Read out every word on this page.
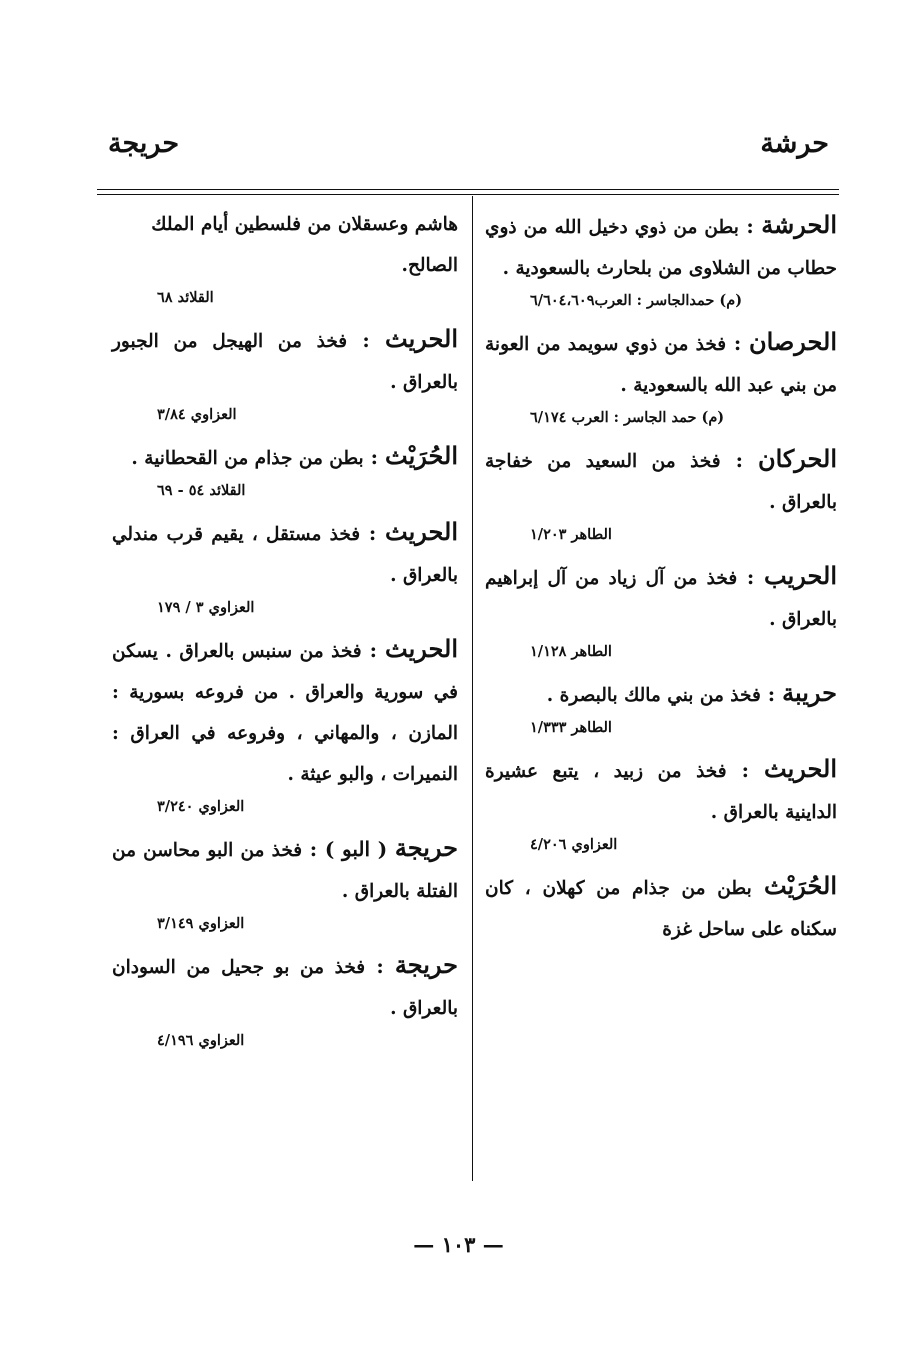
حرشة
حريجة
الحرشة : بطن من ذوي دخيل الله من ذوي حطاب من الشلاوى من بلحارث بالسعودية .
(م) حمدالجاسر : العرب٦/٦٠٤،٦٠٩
الحرصان : فخذ من ذوي سويمد من العونة من بني عبد الله بالسعودية .
(م) حمد الجاسر : العرب ٦/١٧٤
الحركان : فخذ من السعيد من خفاجة بالعراق .
الطاهر ١/٢٠٣
الحريب : فخذ من آل زياد من آل إبراهيم بالعراق .
الطاهر ١/١٢٨
حريبة : فخذ من بني مالك بالبصرة .
الطاهر ١/٣٣٣
الحريث : فخذ من زبيد ، يتبع عشيرة الداينية بالعراق .
العزاوي ٤/٢٠٦
الحُرَيْث بطن من جذام من كهلان ، كان سكناه على ساحل غزة
هاشم وعسقلان من فلسطين أيام الملك الصالح.
القلائد ٦٨
الحريث : فخذ من الهيجل من الجبور بالعراق .
العزاوي ٣/٨٤
الحُرَيْث : بطن من جذام من القحطانية .
القلائد ٥٤ - ٦٩
الحريث : فخذ مستقل ، يقيم قرب مندلي بالعراق .
العزاوي ٣ / ١٧٩
الحريث : فخذ من سنبس بالعراق . يسكن في سورية والعراق . من فروعه بسورية : المازن ، والمهاني ، وفروعه في العراق : النميرات ، والبو عيثة .
العزاوي ٣/٢٤٠
حريجة ( البو ) : فخذ من البو محاسن من الفتلة بالعراق .
العزاوي ٣/١٤٩
حريجة : فخذ من بو جحيل من السودان بالعراق .
العزاوي ٤/١٩٦
— ١٠٣ —
